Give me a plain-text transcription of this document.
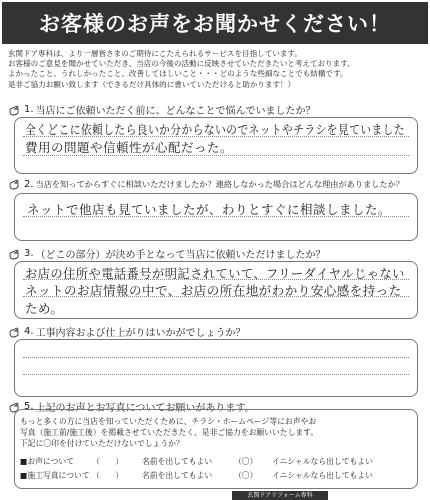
お客様のお声をお聞かせください！
玄関ドア専科は、より一層皆さまのご期待にこたえられるサービスを目指しています。
お客様のご意見を聞かせていただき、当店の今後の活動に反映させていただきたいと考えております。
よかったこと、うれしかったこと、改善してほしいこと・・・どのような些細なことでも結構です。
是非ご協力お願い致します（できるだけ具体的に書いていただけると助かります！）
1. 当店にご依頼いただく前に、どんなことで悩んでいましたか？
全くどこに依頼したら良いか分からないのでネットやチラシを見ていました
費用の問題や信頼性が心配だった。
2. 当店を知ってからすぐに相談いただけましたか？連絡しなかった場合はどんな理由がありましたか？
ネットで他店も見ていましたが、わりとすぐに相談しました。
3. （どこの部分）が決め手となって当店に依頼いただけましたか？
お店の住所や電話番号が明記されていて、フリーダイヤルじゃない
ネットのお店情報の中で、お店の所在地がわかり安心感を持った
ため。
4. 工事内容および仕上がりはいかがでしょうか？
5. 上記のお声とお写真についてお願いがあります。
もっと多くの方に当店を知っていただくために、チラシ・ホームページ等にお声やお
写真（施工前/施工後）を掲載させていただきたく、是非ご協力をお願いいたします。
下記に〇印を付けていただけないでしょうか？
■お声について	（　　）	名前を出してもよい	（〇）	イニシャルなら出してもよい
■施工写真について （　　）	名前を出してもよい	（〇）	イニシャルなら出してもよい
玄関ドアリフォーム専科
